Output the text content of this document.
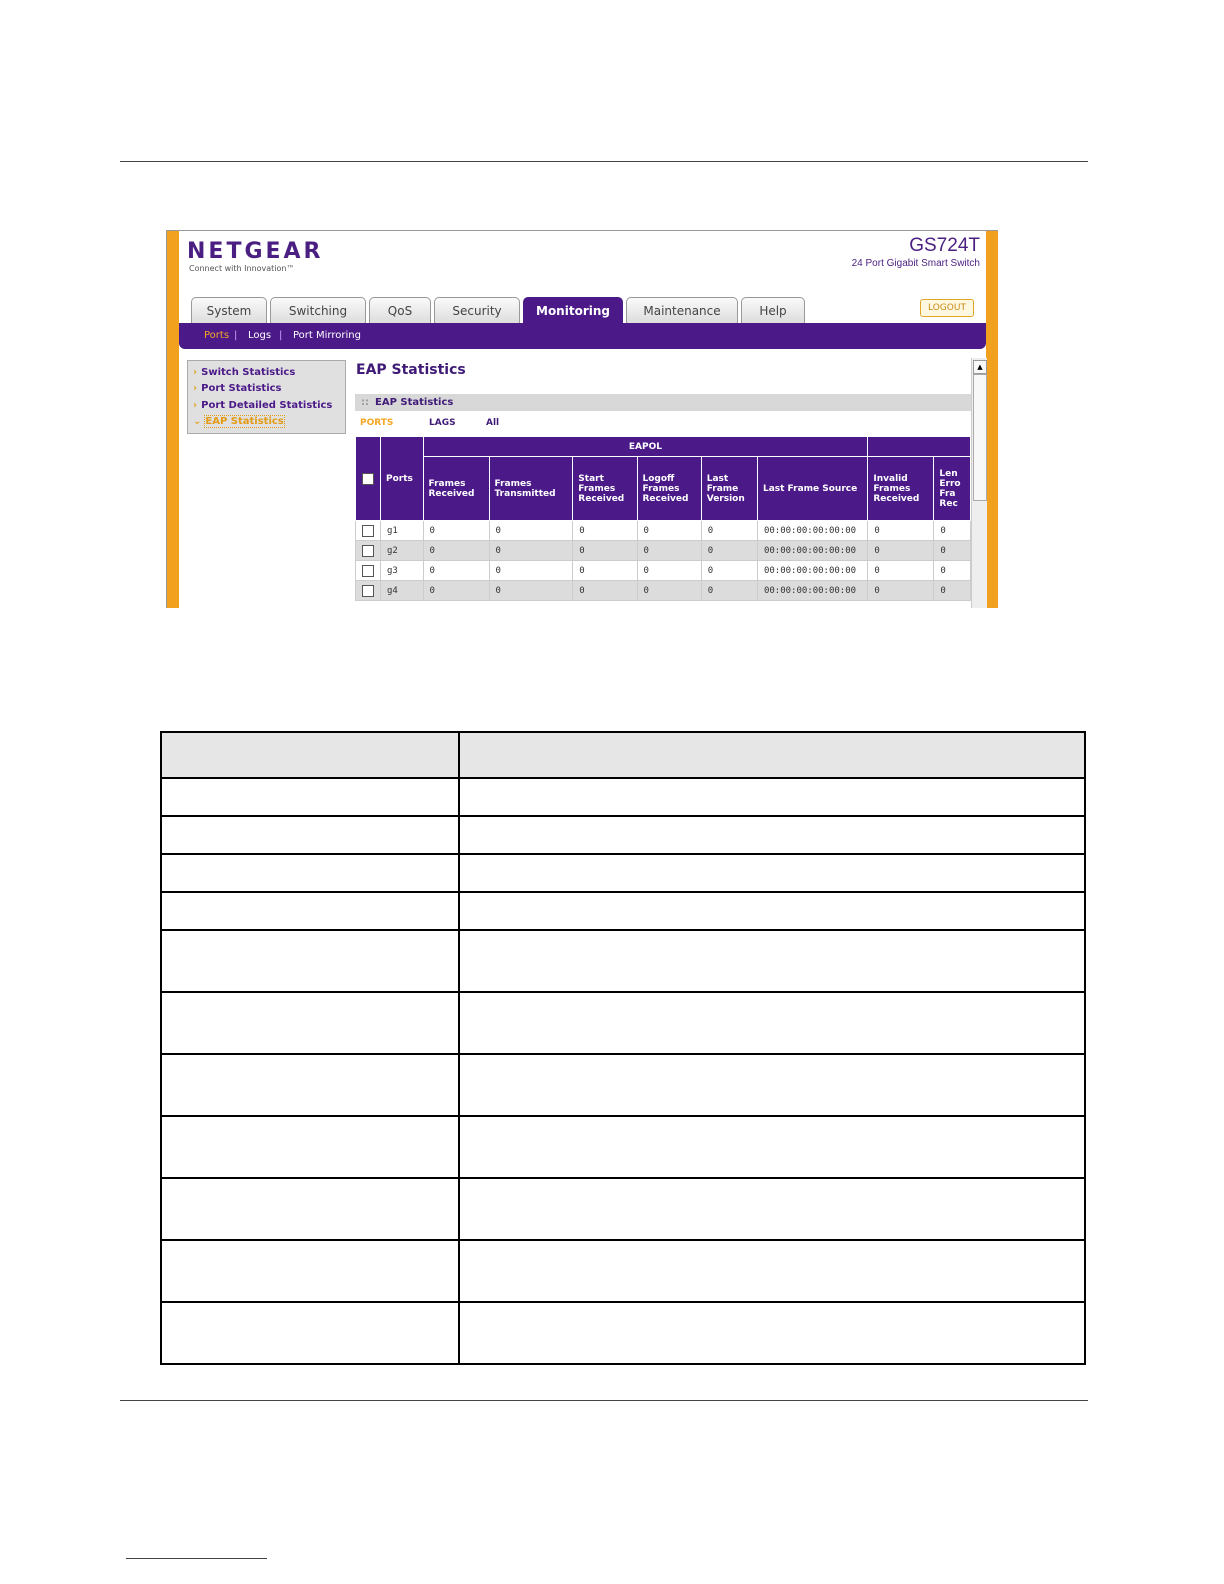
NETGEAR
Connect with Innovation™
GS724T
24 Port Gigabit Smart Switch
System	Switching	QoS	Security	Monitoring	Maintenance	Help	LOGOUT
Ports | Logs | Port Mirroring
› Switch Statistics
› Port Statistics
› Port Detailed Statistics
⌄ EAP Statistics
EAP Statistics
:: EAP Statistics
PORTS	LAGS	All
	Ports	EAPOL							
		Frames Received	Frames Transmitted	Start Frames Received	Logoff Frames Received	Last Frame Version	Last Frame Source	Invalid Frames Received	Len Erro Fra Rec
	g1	0	0	0	0	0	00:00:00:00:00:00	0	0
	g2	0	0	0	0	0	00:00:00:00:00:00	0	0
	g3	0	0	0	0	0	00:00:00:00:00:00	0	0
	g4	0	0	0	0	0	00:00:00:00:00:00	0	0
▲
